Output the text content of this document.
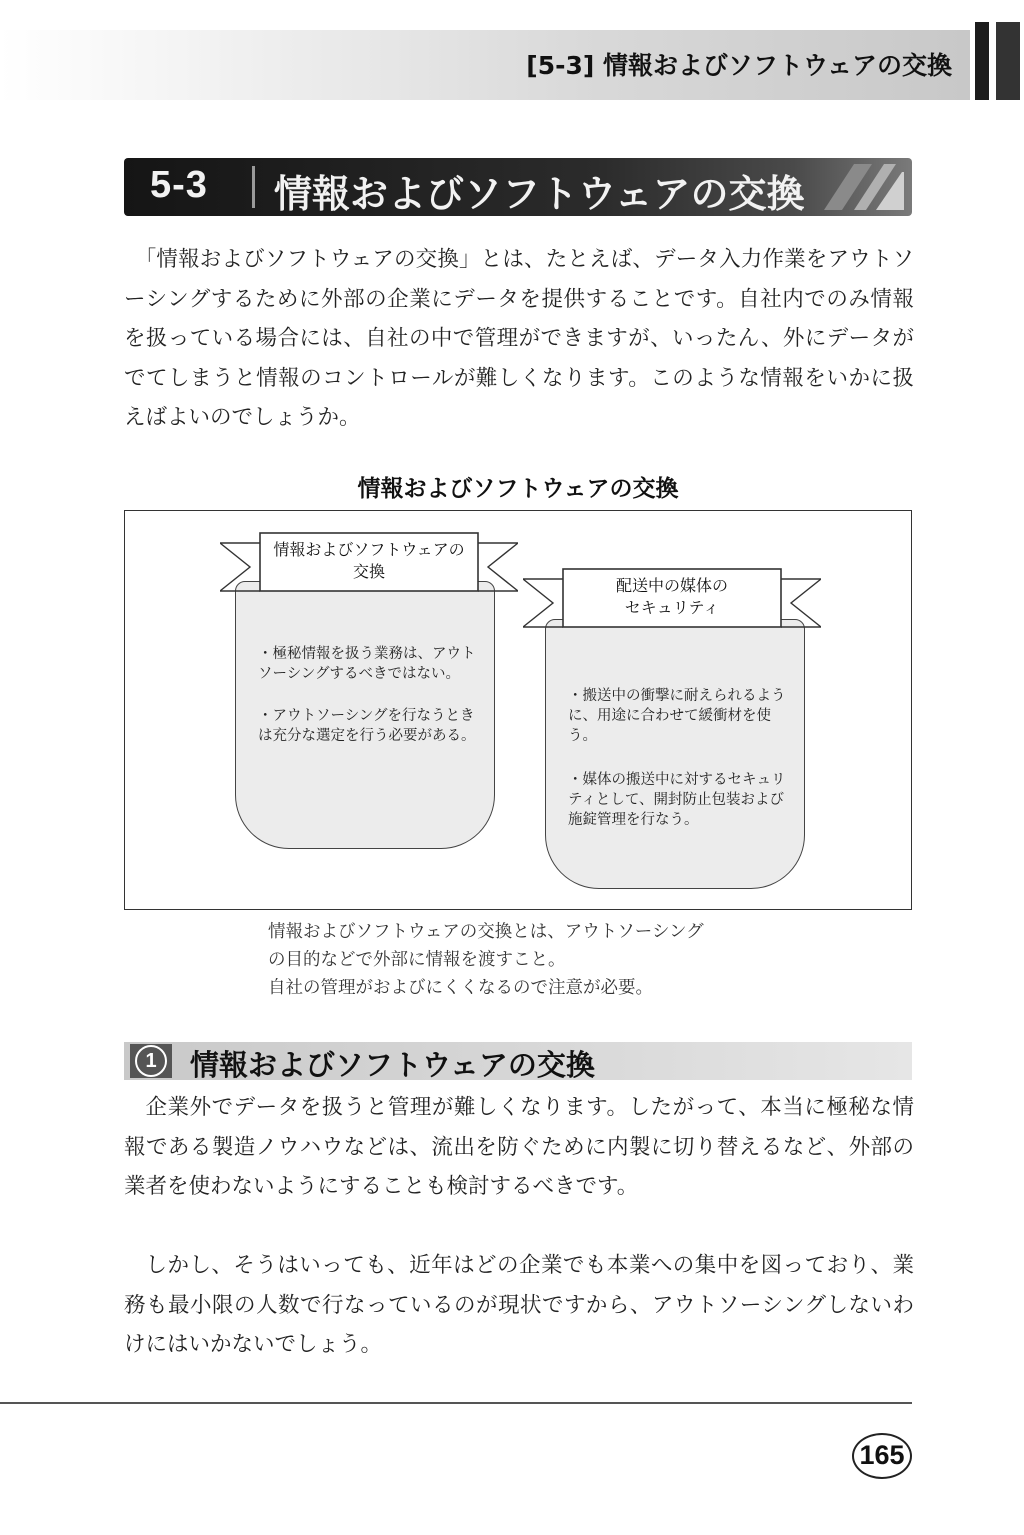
[5-3] 情報およびソフトウェアの交換
5-3 情報およびソフトウェアの交換

「情報およびソフトウェアの交換」とは、たとえば、データ入力作業をアウトソーシングするために外部の企業にデータを提供することです。自社内でのみ情報を扱っている場合には、自社の中で管理ができますが、いったん、外にデータがでてしまうと情報のコントロールが難しくなります。このような情報をいかに扱えばよいのでしょうか。

情報およびソフトウェアの交換
・極秘情報を扱う業務は、アウトソーシングするべきではない。
・アウトソーシングを行なうときは充分な選定を行う必要がある。
情報およびソフトウェアの
交換
・搬送中の衝撃に耐えられるように、用途に合わせて緩衝材を使う。
・媒体の搬送中に対するセキュリティとして、開封防止包装および施錠管理を行なう。
配送中の媒体の
セキュリティ
情報およびソフトウェアの交換とは、アウトソーシング
の目的などで外部に情報を渡すこと。
自社の管理がおよびにくくなるので注意が必要。
1	情報およびソフトウェアの交換

企業外でデータを扱うと管理が難しくなります。したがって、本当に極秘な情報である製造ノウハウなどは、流出を防ぐために内製に切り替えるなど、外部の業者を使わないようにすることも検討するべきです。

しかし、そうはいっても、近年はどの企業でも本業への集中を図っており、業務も最小限の人数で行なっているのが現状ですから、アウトソーシングしないわけにはいかないでしょう。

165
